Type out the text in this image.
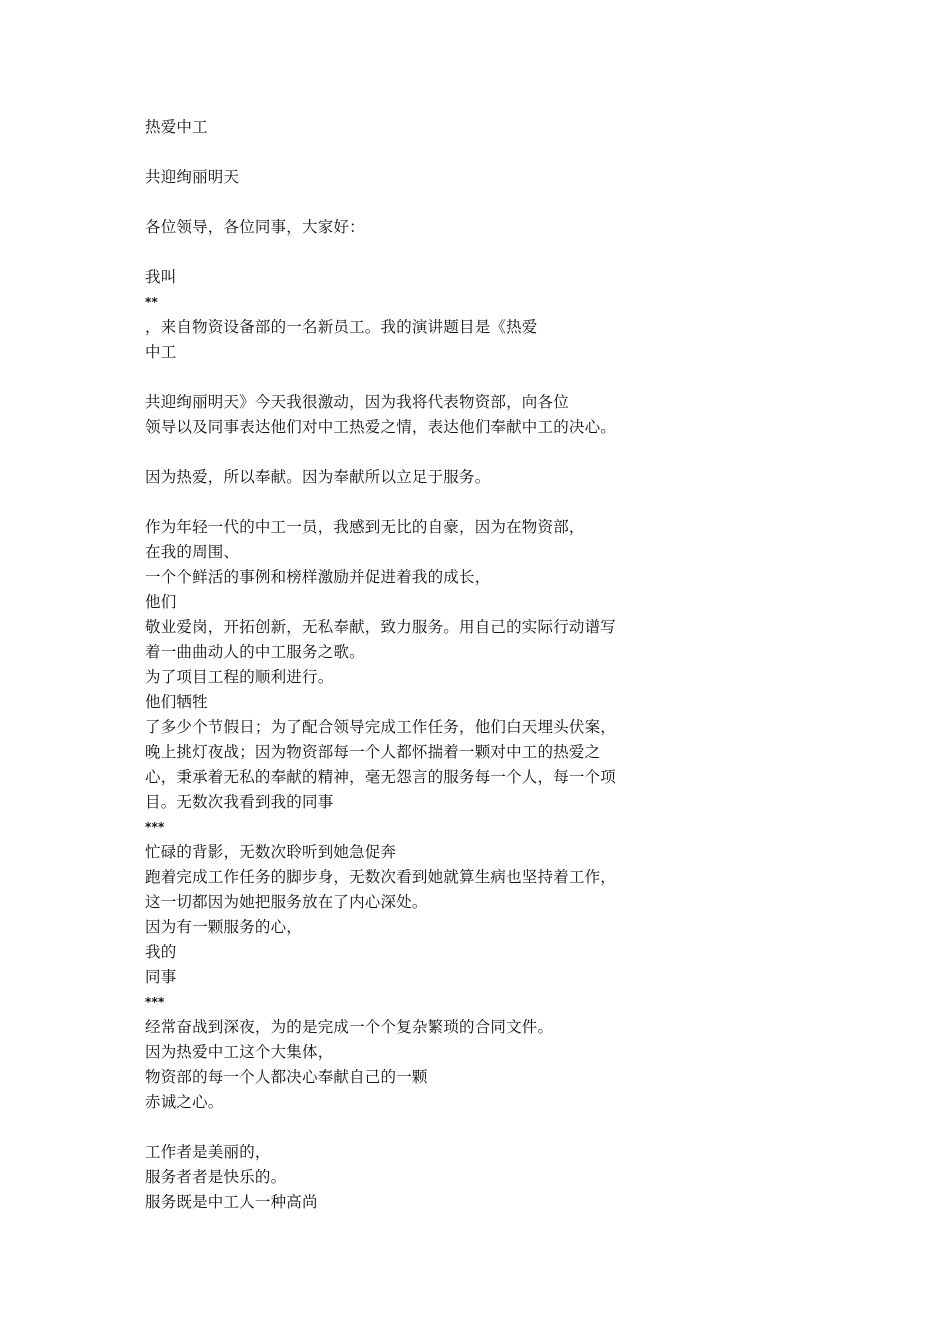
热爱中工
共迎绚丽明天
各位领导，各位同事，大家好：
我叫
**
，来自物资设备部的一名新员工。我的演讲题目是《热爱
中工
共迎绚丽明天》今天我很激动，因为我将代表物资部，向各位
领导以及同事表达他们对中工热爱之情，表达他们奉献中工的决心。
因为热爱，所以奉献。因为奉献所以立足于服务。
作为年轻一代的中工一员，我感到无比的自豪，因为在物资部，
在我的周围、
一个个鲜活的事例和榜样激励并促进着我的成长，
他们
敬业爱岗，开拓创新，无私奉献，致力服务。用自己的实际行动谱写
着一曲曲动人的中工服务之歌。
为了项目工程的顺利进行。
他们牺牲
了多少个节假日；为了配合领导完成工作任务，他们白天埋头伏案，
晚上挑灯夜战；因为物资部每一个人都怀揣着一颗对中工的热爱之
心，秉承着无私的奉献的精神，毫无怨言的服务每一个人，每一个项
目。无数次我看到我的同事
***
忙碌的背影，无数次聆听到她急促奔
跑着完成工作任务的脚步身，无数次看到她就算生病也坚持着工作，
这一切都因为她把服务放在了内心深处。
因为有一颗服务的心，
我的
同事
***
经常奋战到深夜，为的是完成一个个复杂繁琐的合同文件。
因为热爱中工这个大集体，
物资部的每一个人都决心奉献自己的一颗
赤诚之心。
工作者是美丽的，
服务者者是快乐的。
服务既是中工人一种高尚
